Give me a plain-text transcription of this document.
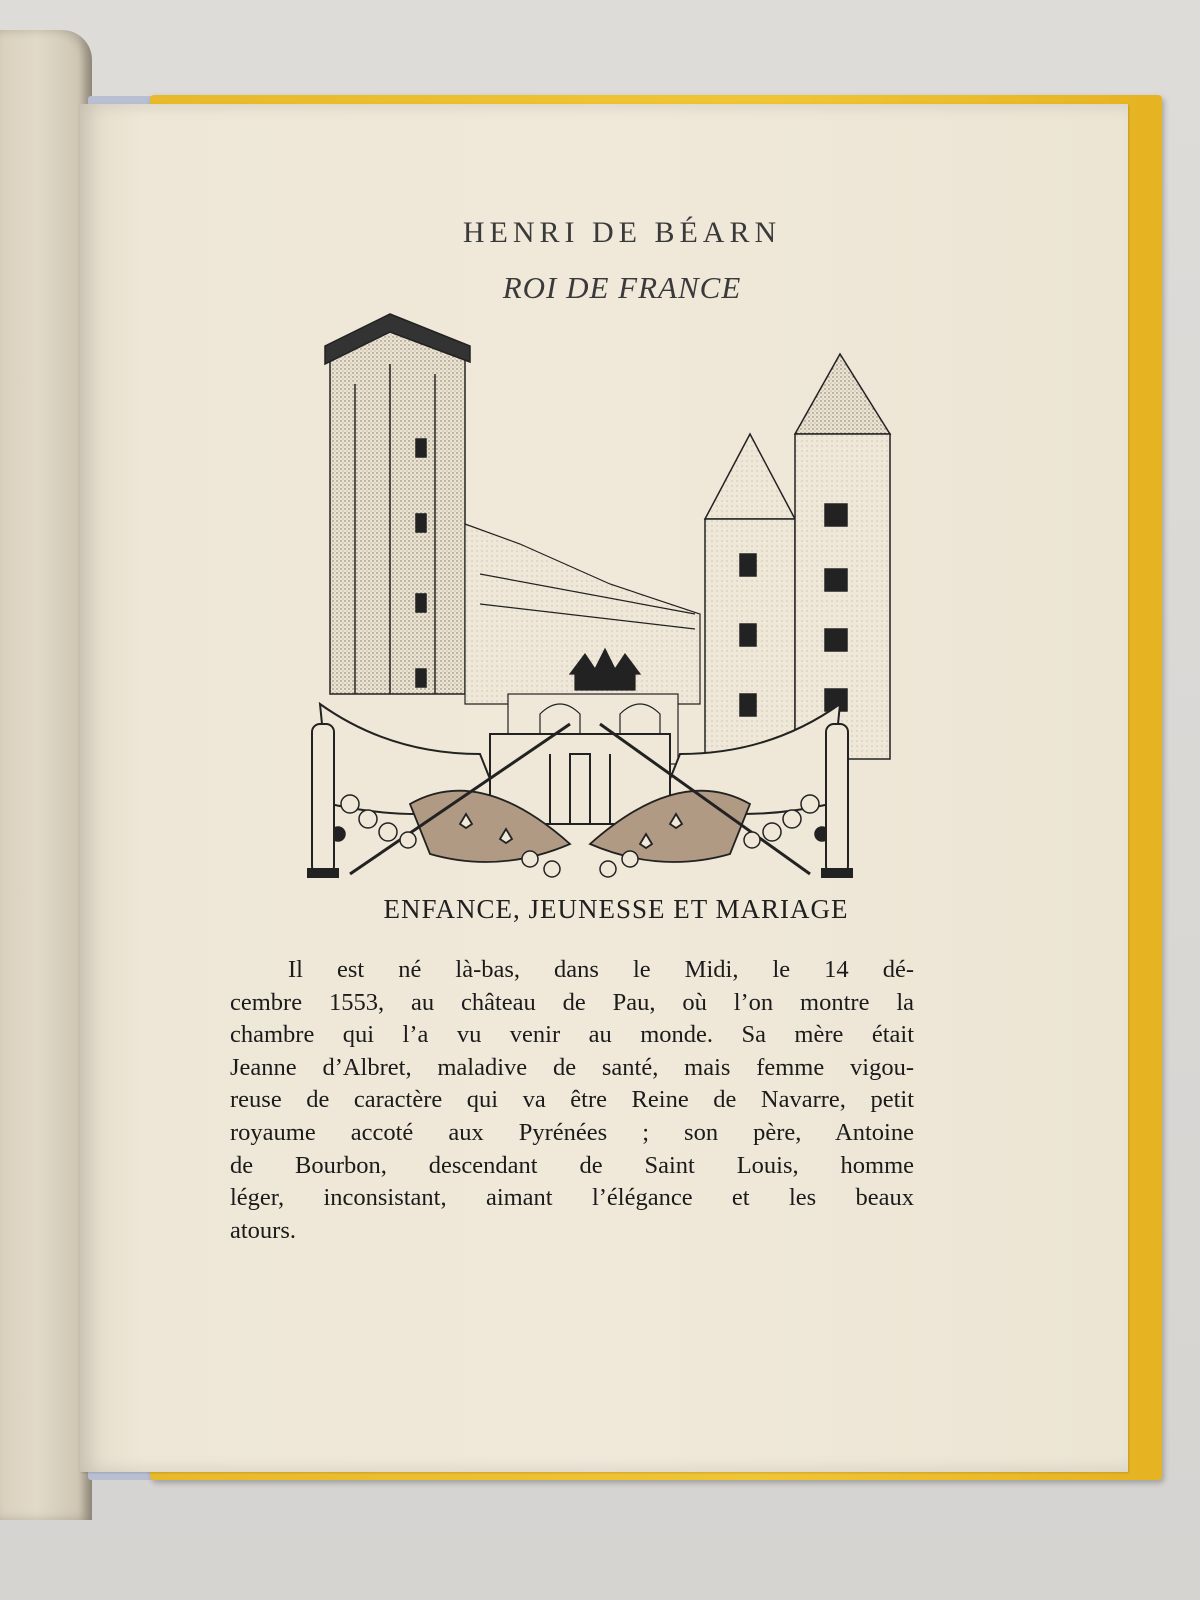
HENRI DE BÉARN
ROI DE FRANCE
ENFANCE, JEUNESSE ET MARIAGE
Il est né là-bas, dans le Midi, le 14 dé-
cembre 1553, au château de Pau, où l’on montre la
chambre qui l’a vu venir au monde. Sa mère était
Jeanne d’Albret, maladive de santé, mais femme vigou-
reuse de caractère qui va être Reine de Navarre, petit
royaume accoté aux Pyrénées ; son père, Antoine
de Bourbon, descendant de Saint Louis, homme
léger, inconsistant, aimant l’élégance et les beaux
atours.
